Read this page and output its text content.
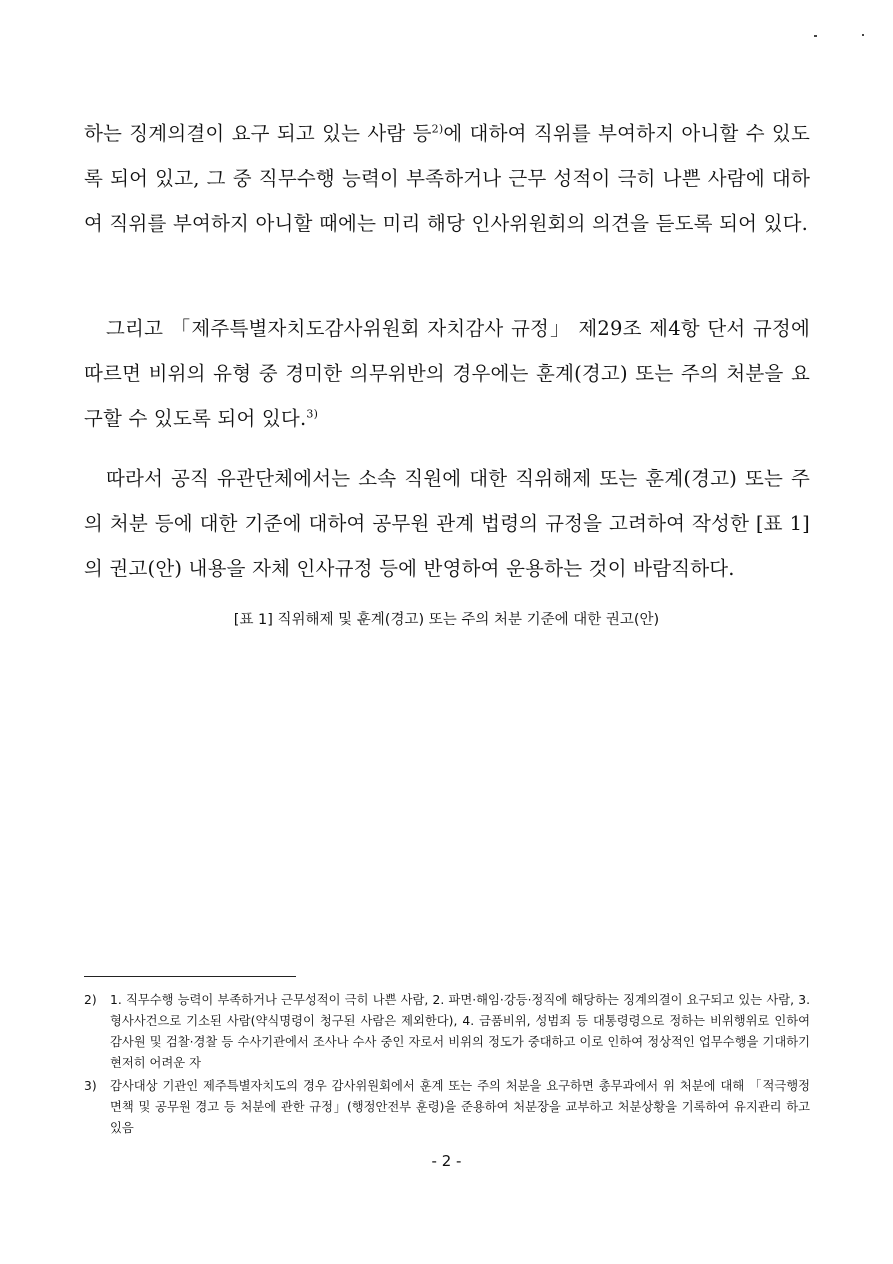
하는 징계의결이 요구 되고 있는 사람 등$^{2)}$에 대하여 직위를 부여하지 아니할 수 있도록 되어 있고, 그 중 직무수행 능력이 부족하거나 근무 성적이 극히 나쁜 사람에 대하여 직위를 부여하지 아니할 때에는 미리 해당 인사위원회의 의견을 듣도록 되어 있다.

그리고 「제주특별자치도감사위원회 자치감사 규정」 제29조 제4항 단서 규정에 따르면 비위의 유형 중 경미한 의무위반의 경우에는 훈계(경고) 또는 주의 처분을 요구할 수 있도록 되어 있다.$^{3)}$

따라서 공직 유관단체에서는 소속 직원에 대한 직위해제 또는 훈계(경고) 또는 주의 처분 등에 대한 기준에 대하여 공무원 관계 법령의 규정을 고려하여 작성한 [표 1]의 권고(안) 내용을 자체 인사규정 등에 반영하여 운용하는 것이 바람직하다.

[표 1] 직위해제 및 훈계(경고) 또는 주의 처분 기준에 대한 권고(안)

2)	1. 직무수행 능력이 부족하거나 근무성적이 극히 나쁜 사람, 2. 파면·해임·강등·정직에 해당하는 징계의결이 요구되고 있는 사람, 3. 형사사건으로 기소된 사람(약식명령이 청구된 사람은 제외한다), 4. 금품비위, 성범죄 등 대통령령으로 정하는 비위행위로 인하여 감사원 및 검찰·경찰 등 수사기관에서 조사나 수사 중인 자로서 비위의 정도가 중대하고 이로 인하여 정상적인 업무수행을 기대하기 현저히 어려운 자
3)	감사대상 기관인 제주특별자치도의 경우 감사위원회에서 훈계 또는 주의 처분을 요구하면 총무과에서 위 처분에 대해 「적극행정 면책 및 공무원 경고 등 처분에 관한 규정」(행정안전부 훈령)을 준용하여 처분장을 교부하고 처분상황을 기록하여 유지관리 하고 있음

- 2 -
